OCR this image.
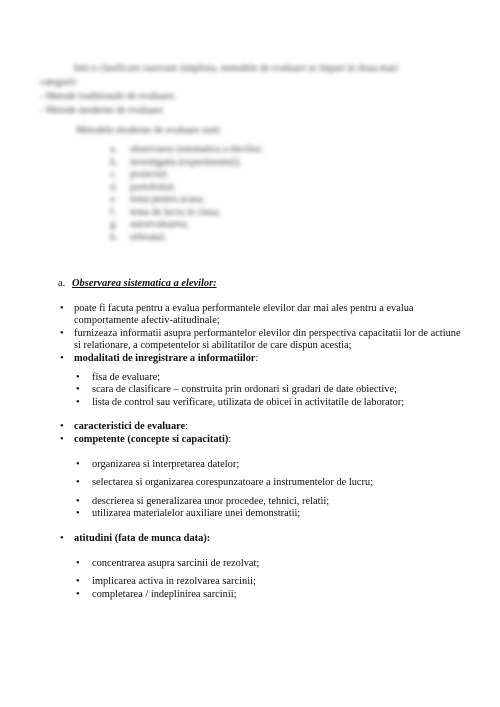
Intr-o clasificare oarecum simplista, metodele de evaluare se impart in doua mari

categorii:

- Metode traditionale de evaluare;

- Metode moderne de evaluare.

Metodele moderne de evaluare sunt:

a.	observarea sistematica a elevilor;
b.	investigatia (experimentul);
c.	proiectul;
d.	portofoliul;
e.	tema pentru acasa;
f.	tema de lucru in clasa;
g.	autoevaluarea;
h.	referatul.
a. Observarea sistematica a elevilor:
• poate fi facuta pentru a evalua performantele elevilor dar mai ales pentru a evalua comportamente afectiv-atitudinale;
• furnizeaza informatii asupra performantelor elevilor din perspectiva capacitatii lor de actiune si relationare, a competentelor si abilitatilor de care dispun acestia;
• modalitati de inregistrare a informatiilor:
• fisa de evaluare;
• scara de clasificare – construita prin ordonari si gradari de date obiective;
• lista de control sau verificare, utilizata de obicei in activitatile de laborator;
• caracteristici de evaluare:
• competente (concepte si capacitati):
• organizarea si interpretarea datelor;
• selectarea si organizarea corespunzatoare a instrumentelor de lucru;
• descrierea si generalizarea unor procedee, tehnici, relatii;
• utilizarea materialelor auxiliare unei demonstratii;
• atitudini (fata de munca data):
• concentrarea asupra sarcinii de rezolvat;
• implicarea activa in rezolvarea sarcinii;
• completarea / indeplinirea sarcinii;
